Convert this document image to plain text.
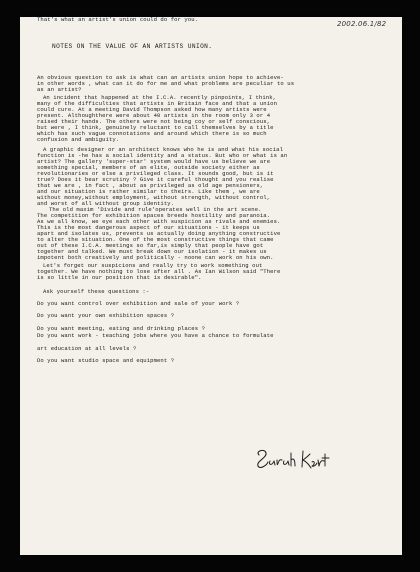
2002.06.1/82
NOTES ON THE VALUE OF AN ARTISTS UNION.
An obvious question to ask is what can an artists union hope to achieve-
in other words , what can it do for me and what problems are peculiar to us
as an artist?
An incident that happened at the I.C.A. recently pinpoints, I think,
many of the difficulties that artists in Britain face and that a union
could cure. At a meeting David Thompson asked how many artists were
present. Althoughthere were about 40 artists in the room only 3 or 4
raised their hands. The others were not being coy or self conscious,
but were , I think, genuinely reluctant to call themselves by a title
which has such vague connotations and around which there is so much
confusion and ambiguity.
A graphic designer or an architect knows who he is and what his social
function is -he has a social identity and a status. But who or what is an
artist? The gallery 'super-star' system would have us believe we are
something special, members of an elite, outside society either as
revolutionaries or else a privileged class. It sounds good, but is it
true? Does it bear scrutiny ? Give it careful thought and you realise
that we are , in fact , about as privileged as old age pensioners,
and our situation is rather similar to theirs. Like them , we are
without money,without employment, without strength, without control,
and worst of all without group identity.
The old maxim 'Divide and rule'operates well in the art scene.
The competition for exhibition spaces breeds hostility and paranoia.
As we all know, we eye each other with suspicion as rivals and enemies.
This is the most dangerous aspect of our situations - it keeps us
apart and isolates us, prevents us actually doing anything constructive
to alter the situation. One of the most constructive things that came
out of these I.C.A. meetings so far,is simply that people have got
together and talked. We must break down our isolation - it makes us
impotent both creatively and politically - noone can work on his own.
Let's forget our suspicions and really try to work something out
together. We have nothing to lose after all . As Ian Wilson said "There
is so little in our position that is desirable".
Ask yourself these questions :-
Do you want control over exhibition and sale of your work ?
Do you want your own exhibition spaces ?
Do you want meeting, eating and drinking places ?
Do you want work - teaching jobs where you have a chance to formulate
art education at all levels ?
Do you want studio space and equipment ?
That's what an artist's union could do for you.
